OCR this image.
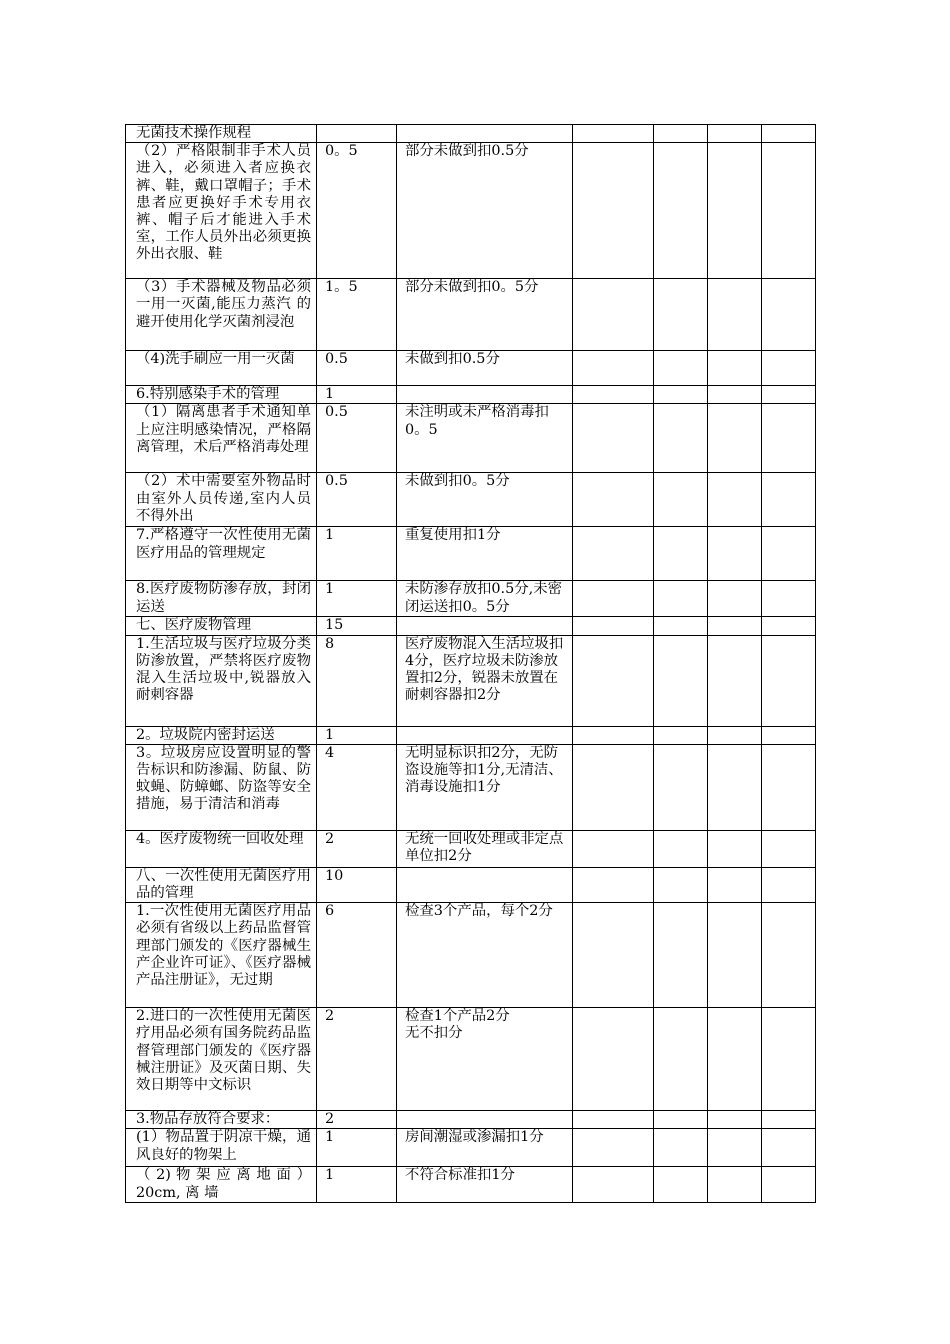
无菌技术操作规程						
（2）严格限制非手术人员进入，必须进入者应换衣裤、鞋，戴口罩帽子；手术患者应更换好手术专用衣裤、帽子后才能进入手术室，工作人员外出必须更换外出衣服、鞋	0。5	部分未做到扣0.5分				
（3）手术器械及物品必须一用一灭菌,能压力蒸汽 的避开使用化学灭菌剂浸泡	1。5	部分未做到扣0。5分				
（4)洗手刷应一用一灭菌	0.5	未做到扣0.5分				
6.特别感染手术的管理	1					
（1）隔离患者手术通知单上应注明感染情况，严格隔离管理，术后严格消毒处理	0.5	未注明或未严格消毒扣0。5				
（2）术中需要室外物品时由室外人员传递,室内人员不得外出	0.5	未做到扣0。5分				
7.严格遵守一次性使用无菌医疗用品的管理规定	1	重复使用扣1分				
8.医疗废物防渗存放，封闭运送	1	未防渗存放扣0.5分,未密闭运送扣0。5分				
七、医疗废物管理	15					
1.生活垃圾与医疗垃圾分类防渗放置，严禁将医疗废物混入生活垃圾中,锐器放入耐刺容器	8	医疗废物混入生活垃圾扣4分，医疗垃圾未防渗放置扣2分，锐器未放置在耐刺容器扣2分				
2。垃圾院内密封运送	1					
3。垃圾房应设置明显的警告标识和防渗漏、防鼠、防蚊蝇、防蟑螂、防盗等安全措施，易于清洁和消毒	4	无明显标识扣2分，无防盗设施等扣1分,无清洁、消毒设施扣1分				
4。医疗废物统一回收处理	2	无统一回收处理或非定点单位扣2分				
八、一次性使用无菌医疗用品的管理	10					
1.一次性使用无菌医疗用品必须有省级以上药品监督管理部门颁发的《医疗器械生产企业许可证》、《医疗器械产品注册证》，无过期	6	检查3个产品，每个2分				
2.进口的一次性使用无菌医疗用品必须有国务院药品监督管理部门颁发的《医疗器械注册证》及灭菌日期、失效日期等中文标识	2	检查1个产品2分
无不扣分				
3.物品存放符合要求：	2					
(1）物品置于阴凉干燥，通风良好的物架上	1	房间潮湿或渗漏扣1分				
（ 2) 物 架 应 离 地 面 ） 20cm, 离 墙	1	不符合标准扣1分				
